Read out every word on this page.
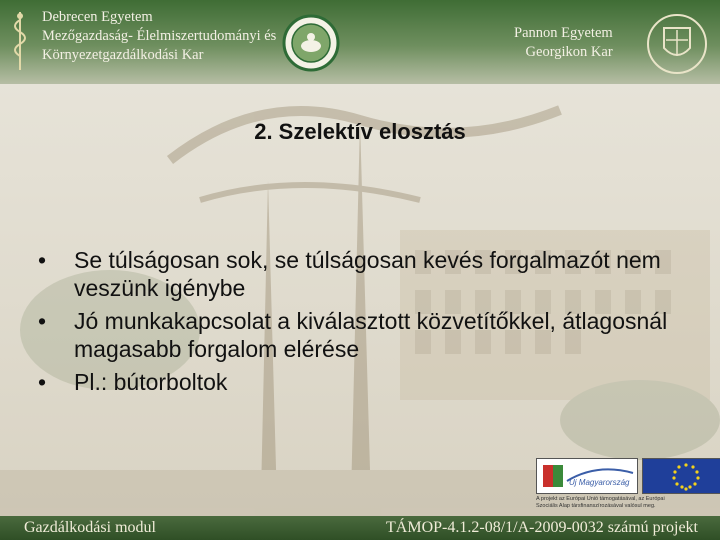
Debrecen Egyetem
Mezőgazdaság- Élelmiszertudományi és
Környezetgazdálkodási Kar
Pannon Egyetem
Georgikon Kar
2. Szelektív elosztás
• Se túlságosan sok, se túlságosan kevés forgalmazót nem veszünk igénybe
• Jó munkakapcsolat a kiválasztott közvetítőkkel, átlagosnál magasabb forgalom elérése
• Pl.: bútorboltok
Új Magyarország
A projekt az Európai Unió támogatásával, az Európai Szociális Alap társfinanszírozásával valósul meg.
Gazdálkodási modul	TÁMOP-4.1.2-08/1/A-2009-0032 számú projekt
